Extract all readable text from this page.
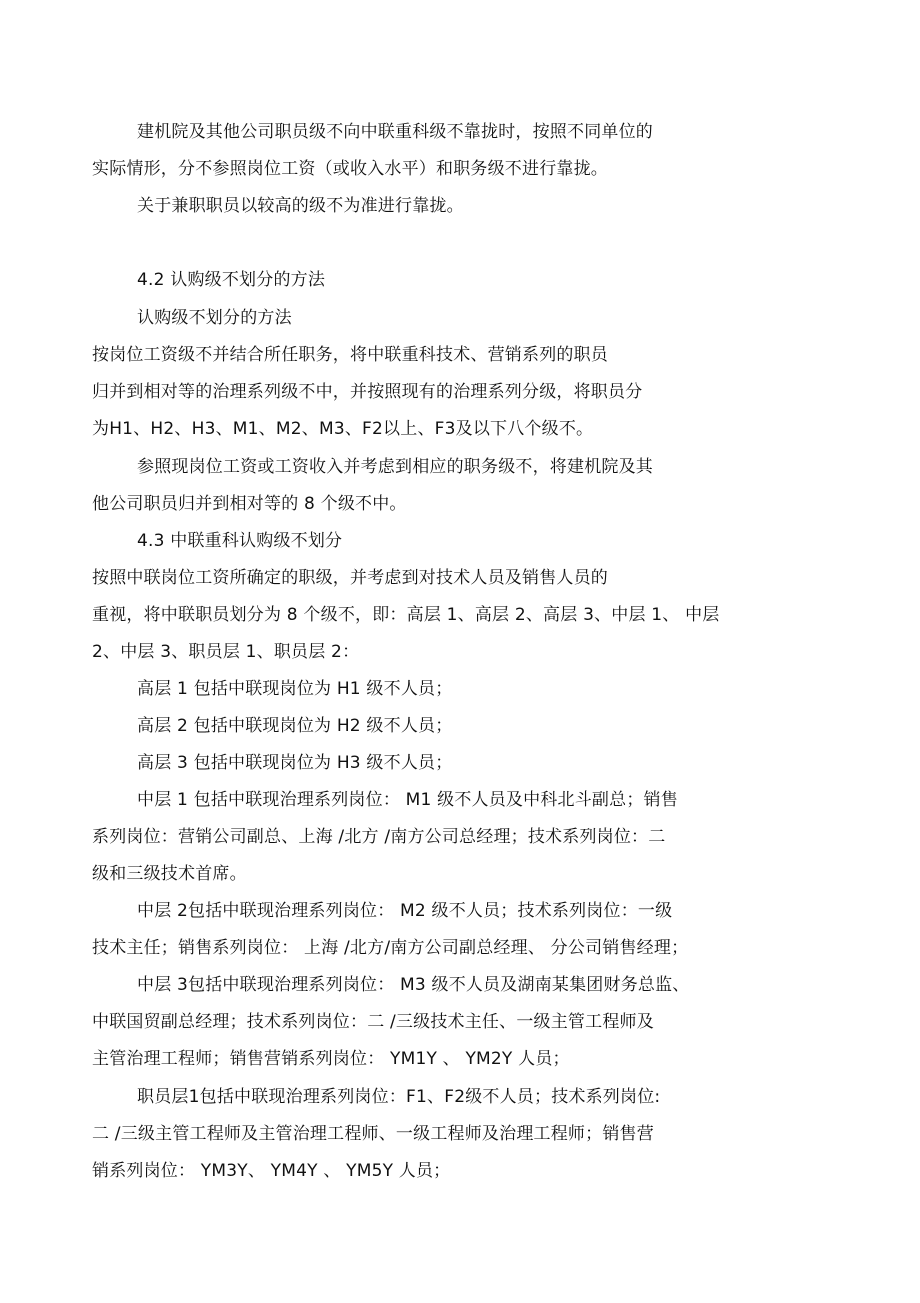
建机院及其他公司职员级不向中联重科级不靠拢时，按照不同单位的
实际情形，分不参照岗位工资（或收入水平）和职务级不进行靠拢。
关于兼职职员以较高的级不为准进行靠拢。
4.2 认购级不划分的方法
认购级不划分的方法
按岗位工资级不并结合所任职务，将中联重科技术、营销系列的职员
归并到相对等的治理系列级不中，并按照现有的治理系列分级，将职员分
为H1、H2、H3、M1、M2、M3、F2以上、F3及以下八个级不。
参照现岗位工资或工资收入并考虑到相应的职务级不，将建机院及其
他公司职员归并到相对等的 8 个级不中。
4.3 中联重科认购级不划分
按照中联岗位工资所确定的职级，并考虑到对技术人员及销售人员的
重视，将中联职员划分为 8 个级不，即：高层 1、高层 2、高层 3、中层 1、 中层
2、中层 3、职员层 1、职员层 2：
高层 1 包括中联现岗位为 H1 级不人员；
高层 2 包括中联现岗位为 H2 级不人员；
高层 3 包括中联现岗位为 H3 级不人员；
中层 1 包括中联现治理系列岗位： M1 级不人员及中科北斗副总；销售
系列岗位：营销公司副总、上海 /北方 /南方公司总经理；技术系列岗位：二
级和三级技术首席。
中层 2包括中联现治理系列岗位： M2 级不人员；技术系列岗位：一级
技术主任；销售系列岗位： 上海 /北方/南方公司副总经理、 分公司销售经理；
中层 3包括中联现治理系列岗位： M3 级不人员及湖南某集团财务总监、
中联国贸副总经理；技术系列岗位：二 /三级技术主任、一级主管工程师及
主管治理工程师；销售营销系列岗位： YM1Y 、 YM2Y 人员；
职员层1包括中联现治理系列岗位：F1、F2级不人员；技术系列岗位:
二 /三级主管工程师及主管治理工程师、一级工程师及治理工程师；销售营
销系列岗位： YM3Y、 YM4Y 、 YM5Y 人员；
